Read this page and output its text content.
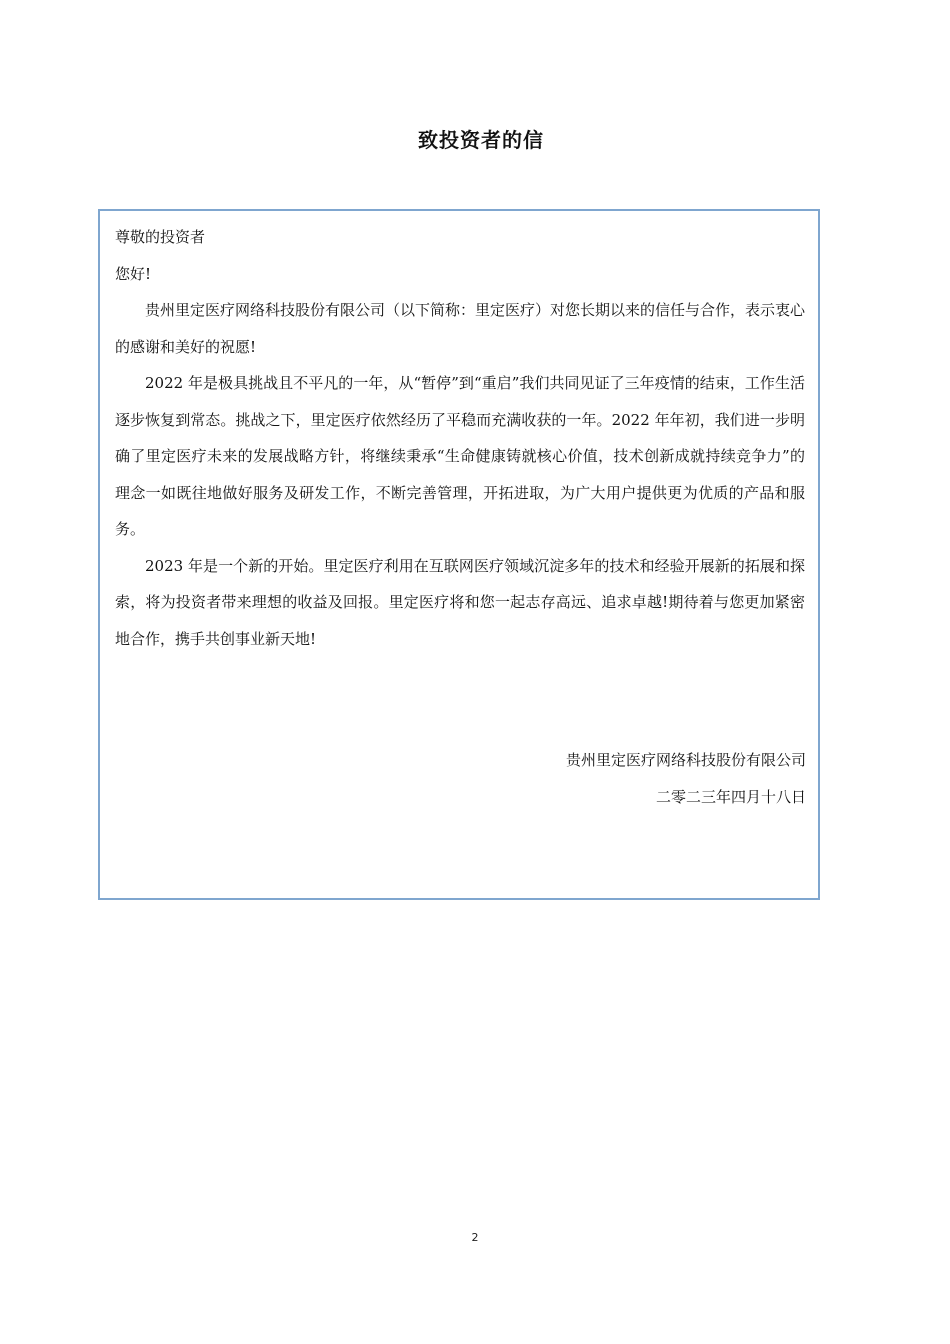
致投资者的信

尊敬的投资者

您好!

贵州里定医疗网络科技股份有限公司（以下简称：里定医疗）对您长期以来的信任与合作，表示衷心的感谢和美好的祝愿!

2022 年是极具挑战且不平凡的一年，从“暂停”到“重启”我们共同见证了三年疫情的结束，工作生活逐步恢复到常态。挑战之下，里定医疗依然经历了平稳而充满收获的一年。2022 年年初，我们进一步明确了里定医疗未来的发展战略方针，将继续秉承“生命健康铸就核心价值，技术创新成就持续竞争力”的理念一如既往地做好服务及研发工作，不断完善管理，开拓进取，为广大用户提供更为优质的产品和服务。

2023 年是一个新的开始。里定医疗利用在互联网医疗领域沉淀多年的技术和经验开展新的拓展和探索，将为投资者带来理想的收益及回报。里定医疗将和您一起志存高远、追求卓越!期待着与您更加紧密地合作，携手共创事业新天地!

贵州里定医疗网络科技股份有限公司
二零二三年四月十八日
2
